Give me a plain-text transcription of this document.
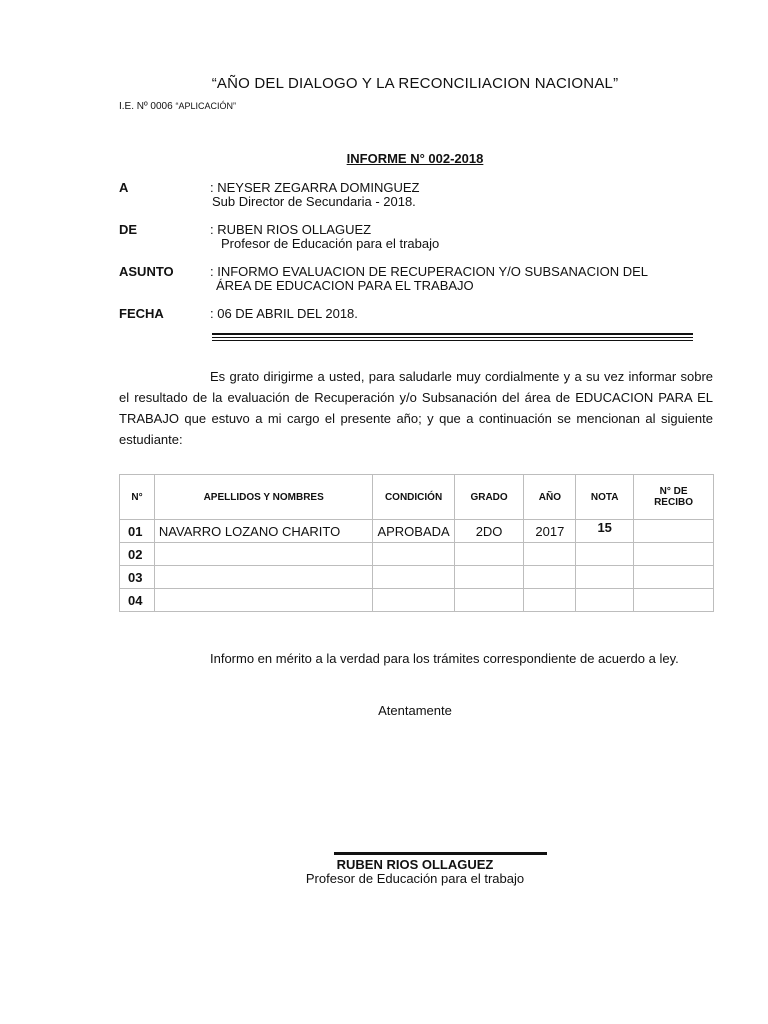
“AÑO DEL DIALOGO Y LA RECONCILIACION NACIONAL”
I.E. Nº 0006 “APLICACIÓN”
INFORME N° 002-2018
A	: NEYSER ZEGARRA DOMINGUEZ
Sub Director de Secundaria - 2018.
DE	: RUBEN RIOS OLLAGUEZ
Profesor de Educación para el trabajo
ASUNTO	: INFORMO EVALUACION DE RECUPERACION Y/O SUBSANACION DEL
ÁREA DE EDUCACION PARA EL TRABAJO
FECHA	: 06 DE ABRIL DEL 2018.

Es grato dirigirme a usted, para saludarle muy cordialmente y a su vez informar sobre el resultado de la evaluación de Recuperación y/o Subsanación del área de EDUCACION PARA EL TRABAJO que estuvo a mi cargo el presente año; y que a continuación se mencionan al siguiente estudiante:

N°	APELLIDOS Y NOMBRES	CONDICIÓN	GRADO	AÑO	NOTA	N° DE RECIBO
01	NAVARRO LOZANO CHARITO	APROBADA	2DO	2017	15	
02						
03						
04						
Informo en mérito a la verdad para los trámites correspondiente de acuerdo a ley.
Atentamente
RUBEN RIOS OLLAGUEZ
Profesor de Educación para el trabajo
